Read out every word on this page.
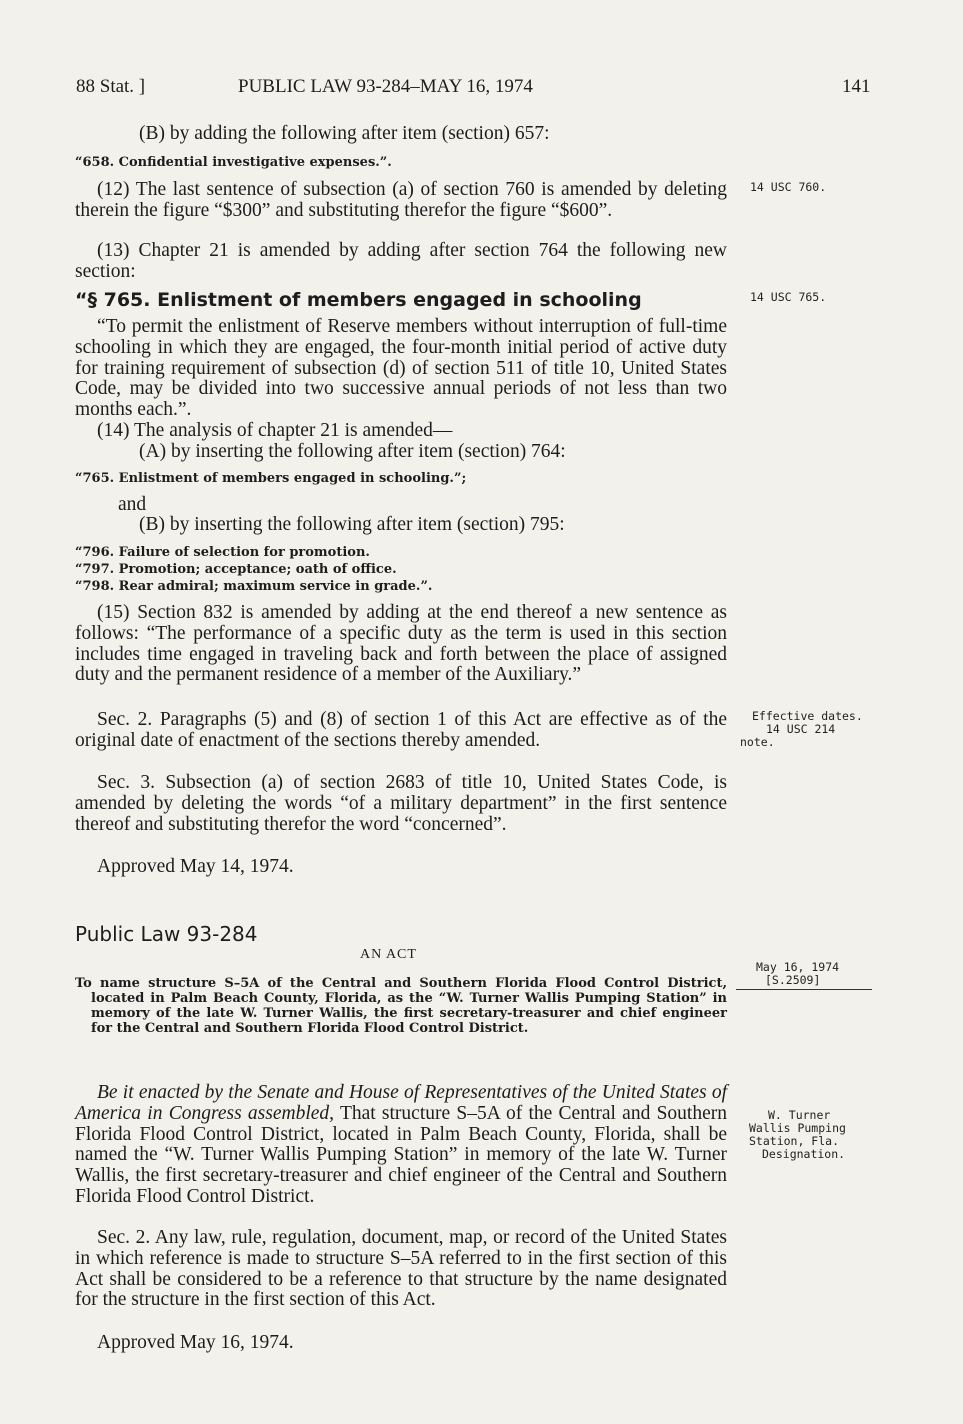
88 Stat. ]	PUBLIC LAW 93-284–MAY 16, 1974	141
(B) by adding the following after item (section) 657:
“658. Confidential investigative expenses.”.
(12) The last sentence of subsection (a) of section 760 is amended by deleting therein the figure “$300” and substituting therefor the figure “$600”.
(13) Chapter 21 is amended by adding after section 764 the following new section:
“§ 765. Enlistment of members engaged in schooling
“To permit the enlistment of Reserve members without interruption of full-time schooling in which they are engaged, the four-month initial period of active duty for training requirement of subsection (d) of section 511 of title 10, United States Code, may be divided into two successive annual periods of not less than two months each.”.
(14) The analysis of chapter 21 is amended—
(A) by inserting the following after item (section) 764:
“765. Enlistment of members engaged in schooling.”;
and
(B) by inserting the following after item (section) 795:
“796. Failure of selection for promotion.
“797. Promotion; acceptance; oath of office.
“798. Rear admiral; maximum service in grade.”.
(15) Section 832 is amended by adding at the end thereof a new sentence as follows: “The performance of a specific duty as the term is used in this section includes time engaged in traveling back and forth between the place of assigned duty and the permanent residence of a member of the Auxiliary.”
Sec. 2. Paragraphs (5) and (8) of section 1 of this Act are effective as of the original date of enactment of the sections thereby amended.
Sec. 3. Subsection (a) of section 2683 of title 10, United States Code, is amended by deleting the words “of a military department” in the first sentence thereof and substituting therefor the word “concerned”.
Approved May 14, 1974.
14 USC 760.
14 USC 765.
Effective dates.
14 USC 214
note.
May 16, 1974
[S.2509]
W. Turner
Wallis Pumping
Station, Fla.
Designation.
Public Law 93-284
AN ACT
To name structure S–5A of the Central and Southern Florida Flood Control District, located in Palm Beach County, Florida, as the “W. Turner Wallis Pumping Station” in memory of the late W. Turner Wallis, the first secretary-treasurer and chief engineer for the Central and Southern Florida Flood Control District.
Be it enacted by the Senate and House of Representatives of the United States of America in Congress assembled, That structure S–5A of the Central and Southern Florida Flood Control District, located in Palm Beach County, Florida, shall be named the “W. Turner Wallis Pumping Station” in memory of the late W. Turner Wallis, the first secretary-treasurer and chief engineer of the Central and Southern Florida Flood Control District.
Sec. 2. Any law, rule, regulation, document, map, or record of the United States in which reference is made to structure S–5A referred to in the first section of this Act shall be considered to be a reference to that structure by the name designated for the structure in the first section of this Act.
Approved May 16, 1974.
